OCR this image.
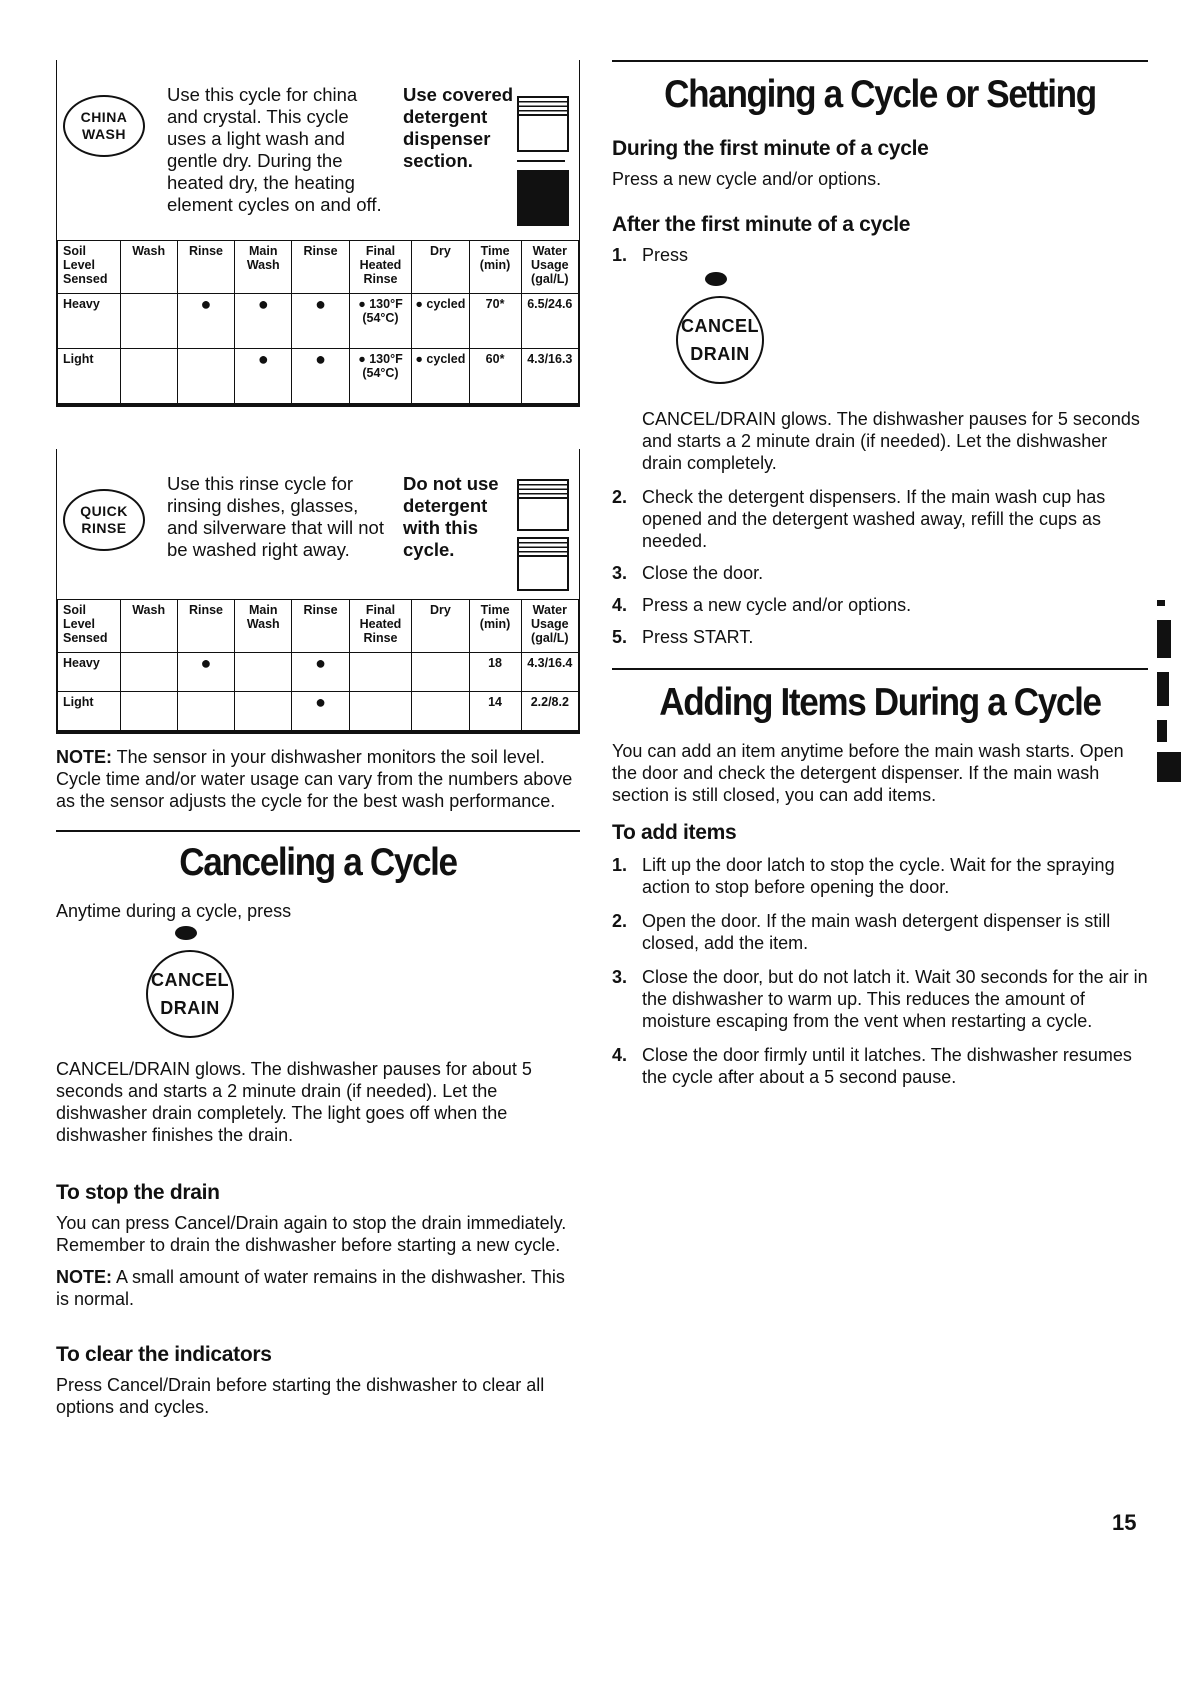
CHINA
WASH
Use this cycle for china and crystal. This cycle uses a light wash and gentle dry. During the heated dry, the heating element cycles on and off.
Use covered detergent dispenser section.
Soil Level Sensed	Wash	Rinse	Main Wash	Rinse	Final Heated Rinse	Dry	Time (min)	Water Usage (gal/L)
Heavy		●	●	●	● 130°F (54°C)	● cycled	70*	6.5/24.6
Light			●	●	● 130°F (54°C)	● cycled	60*	4.3/16.3
QUICK
RINSE
Use this rinse cycle for rinsing dishes, glasses, and silverware that will not be washed right away.
Do not use detergent with this cycle.
Soil Level Sensed	Wash	Rinse	Main Wash	Rinse	Final Heated Rinse	Dry	Time (min)	Water Usage (gal/L)
Heavy		●		●			18	4.3/16.4
Light				●			14	2.2/8.2
NOTE: The sensor in your dishwasher monitors the soil level. Cycle time and/or water usage can vary from the numbers above as the sensor adjusts the cycle for the best wash performance.
Canceling a Cycle

Anytime during a cycle, press

CANCEL
DRAIN

CANCEL/DRAIN glows. The dishwasher pauses for about 5 seconds and starts a 2 minute drain (if needed). Let the dishwasher drain completely. The light goes off when the dishwasher finishes the drain.

To stop the drain

You can press Cancel/Drain again to stop the drain immediately. Remember to drain the dishwasher before starting a new cycle.

NOTE: A small amount of water remains in the dishwasher. This is normal.

To clear the indicators

Press Cancel/Drain before starting the dishwasher to clear all options and cycles.

Changing a Cycle or Setting
During the first minute of a cycle

Press a new cycle and/or options.

After the first minute of a cycle
1. Press
CANCEL
DRAIN
CANCEL/DRAIN glows. The dishwasher pauses for 5 seconds and starts a 2 minute drain (if needed). Let the dishwasher drain completely.
2. Check the detergent dispensers. If the main wash cup has opened and the detergent washed away, refill the cups as needed.
3. Close the door.
4. Press a new cycle and/or options.
5. Press START.
Adding Items During a Cycle

You can add an item anytime before the main wash starts. Open the door and check the detergent dispenser. If the main wash section is still closed, you can add items.

To add items
1. Lift up the door latch to stop the cycle. Wait for the spraying action to stop before opening the door.
2. Open the door. If the main wash detergent dispenser is still closed, add the item.
3. Close the door, but do not latch it. Wait 30 seconds for the air in the dishwasher to warm up. This reduces the amount of moisture escaping from the vent when restarting a cycle.
4. Close the door firmly until it latches. The dishwasher resumes the cycle after about a 5 second pause.
15
